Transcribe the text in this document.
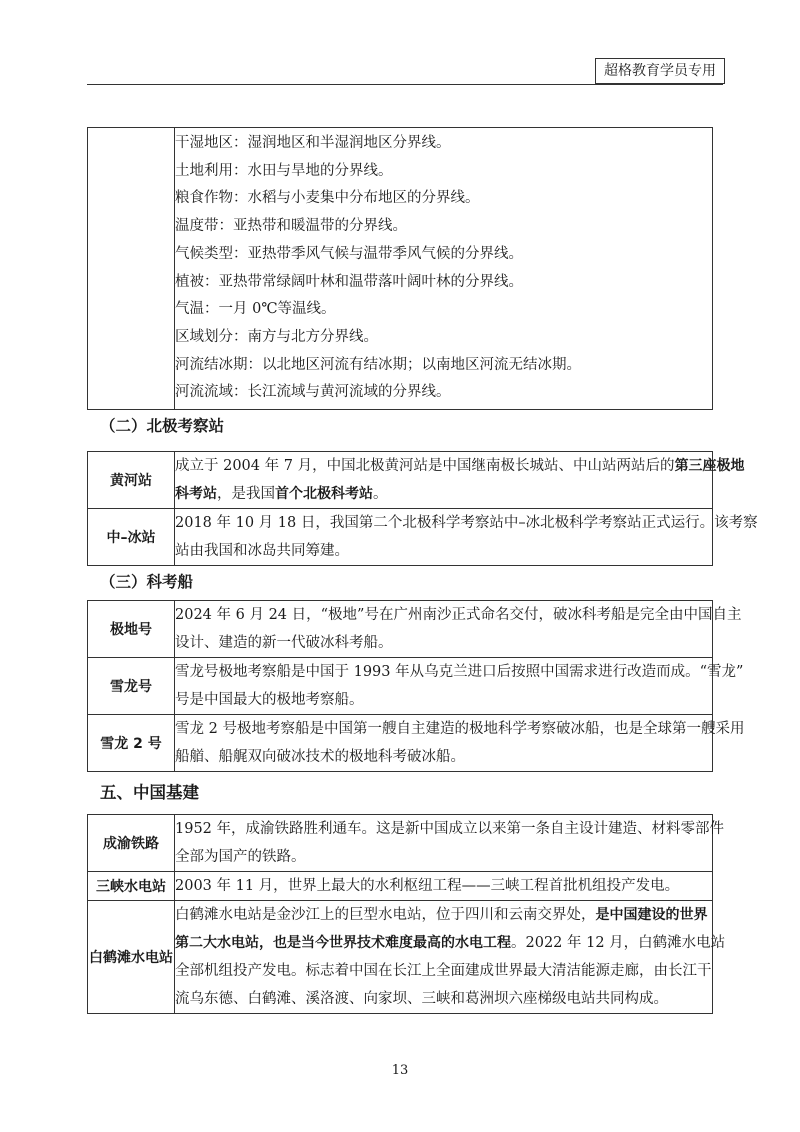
超格教育学员专用

干湿地区：湿润地区和半湿润地区分界线。
土地利用：水田与旱地的分界线。
粮食作物：水稻与小麦集中分布地区的分界线。
温度带：亚热带和暖温带的分界线。
气候类型：亚热带季风气候与温带季风气候的分界线。
植被：亚热带常绿阔叶林和温带落叶阔叶林的分界线。
气温：一月 0℃等温线。
区域划分：南方与北方分界线。
河流结冰期：以北地区河流有结冰期；以南地区河流无结冰期。
河流流域：长江流域与黄河流域的分界线。
（二）北极考察站
黄河站	成立于 2004 年 7 月，中国北极黄河站是中国继南极长城站、中山站两站后的第三座极地
科考站，是我国首个北极科考站。

中–冰站	2018 年 10 月 18 日，我国第二个北极科学考察站中–冰北极科学考察站正式运行。该考察
站由我国和冰岛共同筹建。
（三）科考船
极地号	2024 年 6 月 24 日，“极地”号在广州南沙正式命名交付，破冰科考船是完全由中国自主
设计、建造的新一代破冰科考船。

雪龙号	雪龙号极地考察船是中国于 1993 年从乌克兰进口后按照中国需求进行改造而成。“雪龙”
号是中国最大的极地考察船。

雪龙 2 号	雪龙 2 号极地考察船是中国第一艘自主建造的极地科学考察破冰船，也是全球第一艘采用
船艏、船艉双向破冰技术的极地科考破冰船。
五、中国基建
成渝铁路	1952 年，成渝铁路胜利通车。这是新中国成立以来第一条自主设计建造、材料零部件
全部为国产的铁路。

三峡水电站	2003 年 11 月，世界上最大的水利枢纽工程——三峡工程首批机组投产发电。

白鹤滩水电站	白鹤滩水电站是金沙江上的巨型水电站，位于四川和云南交界处，是中国建设的世界
第二大水电站，也是当今世界技术难度最高的水电工程。2022 年 12 月，白鹤滩水电站
全部机组投产发电。标志着中国在长江上全面建成世界最大清洁能源走廊，由长江干
流乌东德、白鹤滩、溪洛渡、向家坝、三峡和葛洲坝六座梯级电站共同构成。
13
